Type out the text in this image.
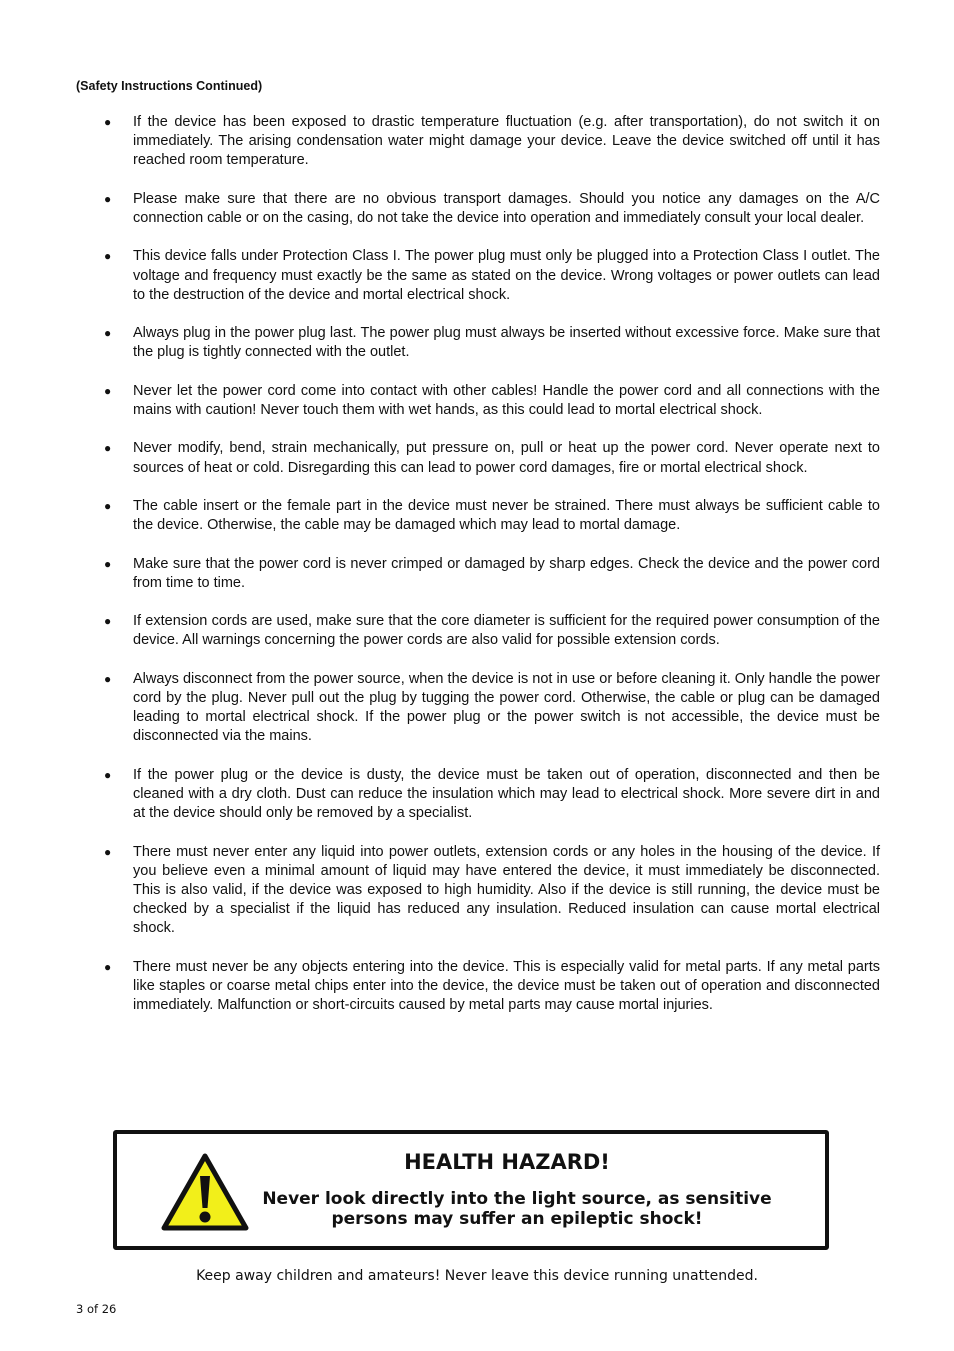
(Safety Instructions Continued)

● If the device has been exposed to drastic temperature fluctuation (e.g. after transportation), do not switch it on immediately. The arising condensation water might damage your device. Leave the device switched off until it has reached room temperature.
● Please make sure that there are no obvious transport damages. Should you notice any damages on the A/C connection cable or on the casing, do not take the device into operation and immediately consult your local dealer.
● This device falls under Protection Class I. The power plug must only be plugged into a Protection Class I outlet. The voltage and frequency must exactly be the same as stated on the device. Wrong voltages or power outlets can lead to the destruction of the device and mortal electrical shock.
● Always plug in the power plug last. The power plug must always be inserted without excessive force. Make sure that the plug is tightly connected with the outlet.
● Never let the power cord come into contact with other cables! Handle the power cord and all connections with the mains with caution! Never touch them with wet hands, as this could lead to mortal electrical shock.
● Never modify, bend, strain mechanically, put pressure on, pull or heat up the power cord. Never operate next to sources of heat or cold. Disregarding this can lead to power cord damages, fire or mortal electrical shock.
● The cable insert or the female part in the device must never be strained. There must always be sufficient cable to the device. Otherwise, the cable may be damaged which may lead to mortal damage.
● Make sure that the power cord is never crimped or damaged by sharp edges. Check the device and the power cord from time to time.
● If extension cords are used, make sure that the core diameter is sufficient for the required power consumption of the device. All warnings concerning the power cords are also valid for possible extension cords.
● Always disconnect from the power source, when the device is not in use or before cleaning it. Only handle the power cord by the plug. Never pull out the plug by tugging the power cord. Otherwise, the cable or plug can be damaged leading to mortal electrical shock. If the power plug or the power switch is not accessible, the device must be disconnected via the mains.
● If the power plug or the device is dusty, the device must be taken out of operation, disconnected and then be cleaned with a dry cloth. Dust can reduce the insulation which may lead to electrical shock. More severe dirt in and at the device should only be removed by a specialist.
● There must never enter any liquid into power outlets, extension cords or any holes in the housing of the device. If you believe even a minimal amount of liquid may have entered the device, it must immediately be disconnected. This is also valid, if the device was exposed to high humidity. Also if the device is still running, the device must be checked by a specialist if the liquid has reduced any insulation. Reduced insulation can cause mortal electrical shock.
● There must never be any objects entering into the device. This is especially valid for metal parts. If any metal parts like staples or coarse metal chips enter into the device, the device must be taken out of operation and disconnected immediately. Malfunction or short-circuits caused by metal parts may cause mortal injuries.
HEALTH HAZARD!
Never look directly into the light source, as sensitive
persons may suffer an epileptic shock!
Keep away children and amateurs! Never leave this device running unattended.
3 of 26
